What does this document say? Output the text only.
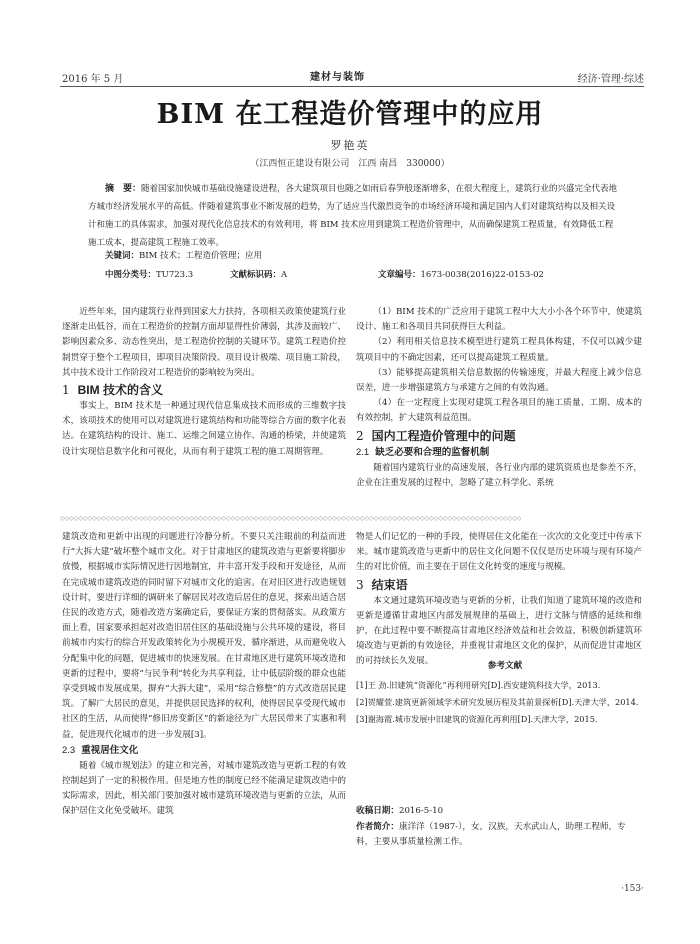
2016 年 5 月	建材与装饰	经济·管理·综述
BIM 在工程造价管理中的应用
罗艳英
（江西恒正建设有限公司　江西 南昌　330000）
摘　要：随着国家加快城市基础设施建设进程，各大建筑项目也随之如雨后春笋般逐渐增多，在很大程度上，建筑行业的兴盛完全代表地方城市经济发展水平的高低。伴随着建筑事业不断发展的趋势，为了适应当代激烈竞争的市场经济环境和满足国内人们对建筑结构以及相关设计和施工的具体需求，加强对现代化信息技术的有效利用，将 BIM 技术应用到建筑工程造价管理中，从而确保建筑工程质量，有效降低工程施工成本，提高建筑工程施工效率。
关键词：BIM 技术；工程造价管理；应用
中图分类号：TU723.3	文献标识码：A	文章编号：1673-0038(2016)22-0153-02

近些年来，国内建筑行业得到国家大力扶持，各项相关政策使建筑行业逐渐走出低谷，而在工程造价的控制方面却显得性价薄弱，其涉及面较广、影响因素众多、动态性突出，是工程造价控制的关键环节。建筑工程造价控制贯穿于整个工程项目，即项目决策阶段、项目设计极端、项目施工阶段，其中技术设计工作阶段对工程造价的影响较为突出。

1 BIM 技术的含义

事实上，BIM 技术是一种通过现代信息集成技术而形成的三维数字技术，该项技术的使用可以对建筑进行建筑结构和功能等综合方面的数字化表达。在建筑结构的设计、施工、运维之间建立协作、沟通的桥梁，并使建筑设计实现信息数字化和可视化，从而有利于建筑工程的施工周期管理。

（1）BIM 技术的广泛应用于建筑工程中大大小小各个环节中，使建筑设计、施工和各项目共同获得巨大利益。

（2）利用相关信息技术模型进行建筑工程具体构建，不仅可以减少建筑项目中的不确定因素，还可以提高建筑工程质量。

（3）能够提高建筑相关信息数据的传输速度，并最大程度上减少信息误差，进一步增强建筑方与承建方之间的有效沟通。

（4）在一定程度上实现对建筑工程各项目的施工质量、工期、成本的有效控制，扩大建筑利益范围。

2 国内工程造价管理中的问题
2.1 缺乏必要和合理的监督机制

随着国内建筑行业的高速发展，各行业内部的建筑资质也是参差不齐，企业在注重发展的过程中，忽略了建立科学化、系统

◇◇◇◇◇◇◇◇◇◇◇◇◇◇◇◇◇◇◇◇◇◇◇◇◇◇◇◇◇◇◇◇◇◇◇◇◇◇◇◇◇◇◇◇◇◇◇◇◇◇◇◇◇◇◇◇◇◇◇◇◇◇◇◇◇◇◇◇◇◇◇◇◇◇◇◇◇◇◇◇◇◇◇◇◇◇◇◇◇◇◇◇◇◇◇◇◇◇◇◇

建筑改造和更新中出现的问题进行冷静分析。不要只关注眼前的利益而进行“大拆大建”破坏整个城市文化。对于甘肃地区的建筑改造与更新要将脚步放慢，根据城市实际情况进行因地制宜，并丰富开发手段和开发途径，从而在完成城市建筑改造的同时留下对城市文化的追害。在对旧区进行改造规划设计时，要进行详细的调研来了解居民对改造后居住的意见，探索出适合居住民的改造方式，随着改造方案确定后，要保证方案的贯彻落实。从政策方面上看，国家要承担起对改造旧居住区的基础设施与公共环境的建设，将目前城市内实行的综合开发政策转化为小规模开发，循序渐进，从而避免收入分配集中化的问题，促进城市的快速发展。在甘肃地区进行建筑环境改造和更新的过程中，要将“与民争利”转化为共享利益，让中低层阶级的群众也能享受到城市发展成果，摒弃“大拆大建”，采用“综合修整”的方式改造居民建筑。了解广大居民的意见，并提供居民选择的权利，使得居民享受现代城市社区的生活，从而使得“修旧房变新区”的新途径为广大居民带来了实惠和利益，促进现代化城市的进一步发展[3]。

2.3 重视居住文化

随着《城市规划法》的建立和完善，对城市建筑改造与更新工程的有效控制起到了一定的积极作用。但是地方性的制度已经不能满足建筑改造中的实际需求，因此，相关部门要加强对城市建筑环境改造与更新的立法，从而保护居住文化免受破坏。建筑

物是人们记忆的一种的手段，使得居住文化能在一次次的文化变迁中传承下来。城市建筑改造与更新中的居住文化问题不仅仅是历史环境与现有环境产生的对比价值，而主要在于居住文化转变的速度与规模。

3 结束语

本文通过建筑环境改造与更新的分析，让我们知道了建筑环境的改造和更新是遵循甘肃地区内部发展规律的基础上，进行文脉与情感的延续和维护，在此过程中要不断提高甘肃地区经济效益和社会效益，积极创新建筑环境改造与更新的有效途径，并重视甘肃地区文化的保护，从而促进甘肃地区的可持续长久发展。	参考文献
[1]王 劲.旧建筑“资源化”再利用研究[D].西安建筑科技大学，2013.
[2]贺耀萱.建筑更新领域学术研究发展历程及其前景探析[D].天津大学，2014.
[3]谢海霞.城市发展中旧建筑的资源化再利用[D].天津大学，2015.
收稿日期：2016-5-10
作者简介：康洋洋（1987-），女，汉族，天水武山人，助理工程师，专科，主要从事质量检测工作。
·153·
